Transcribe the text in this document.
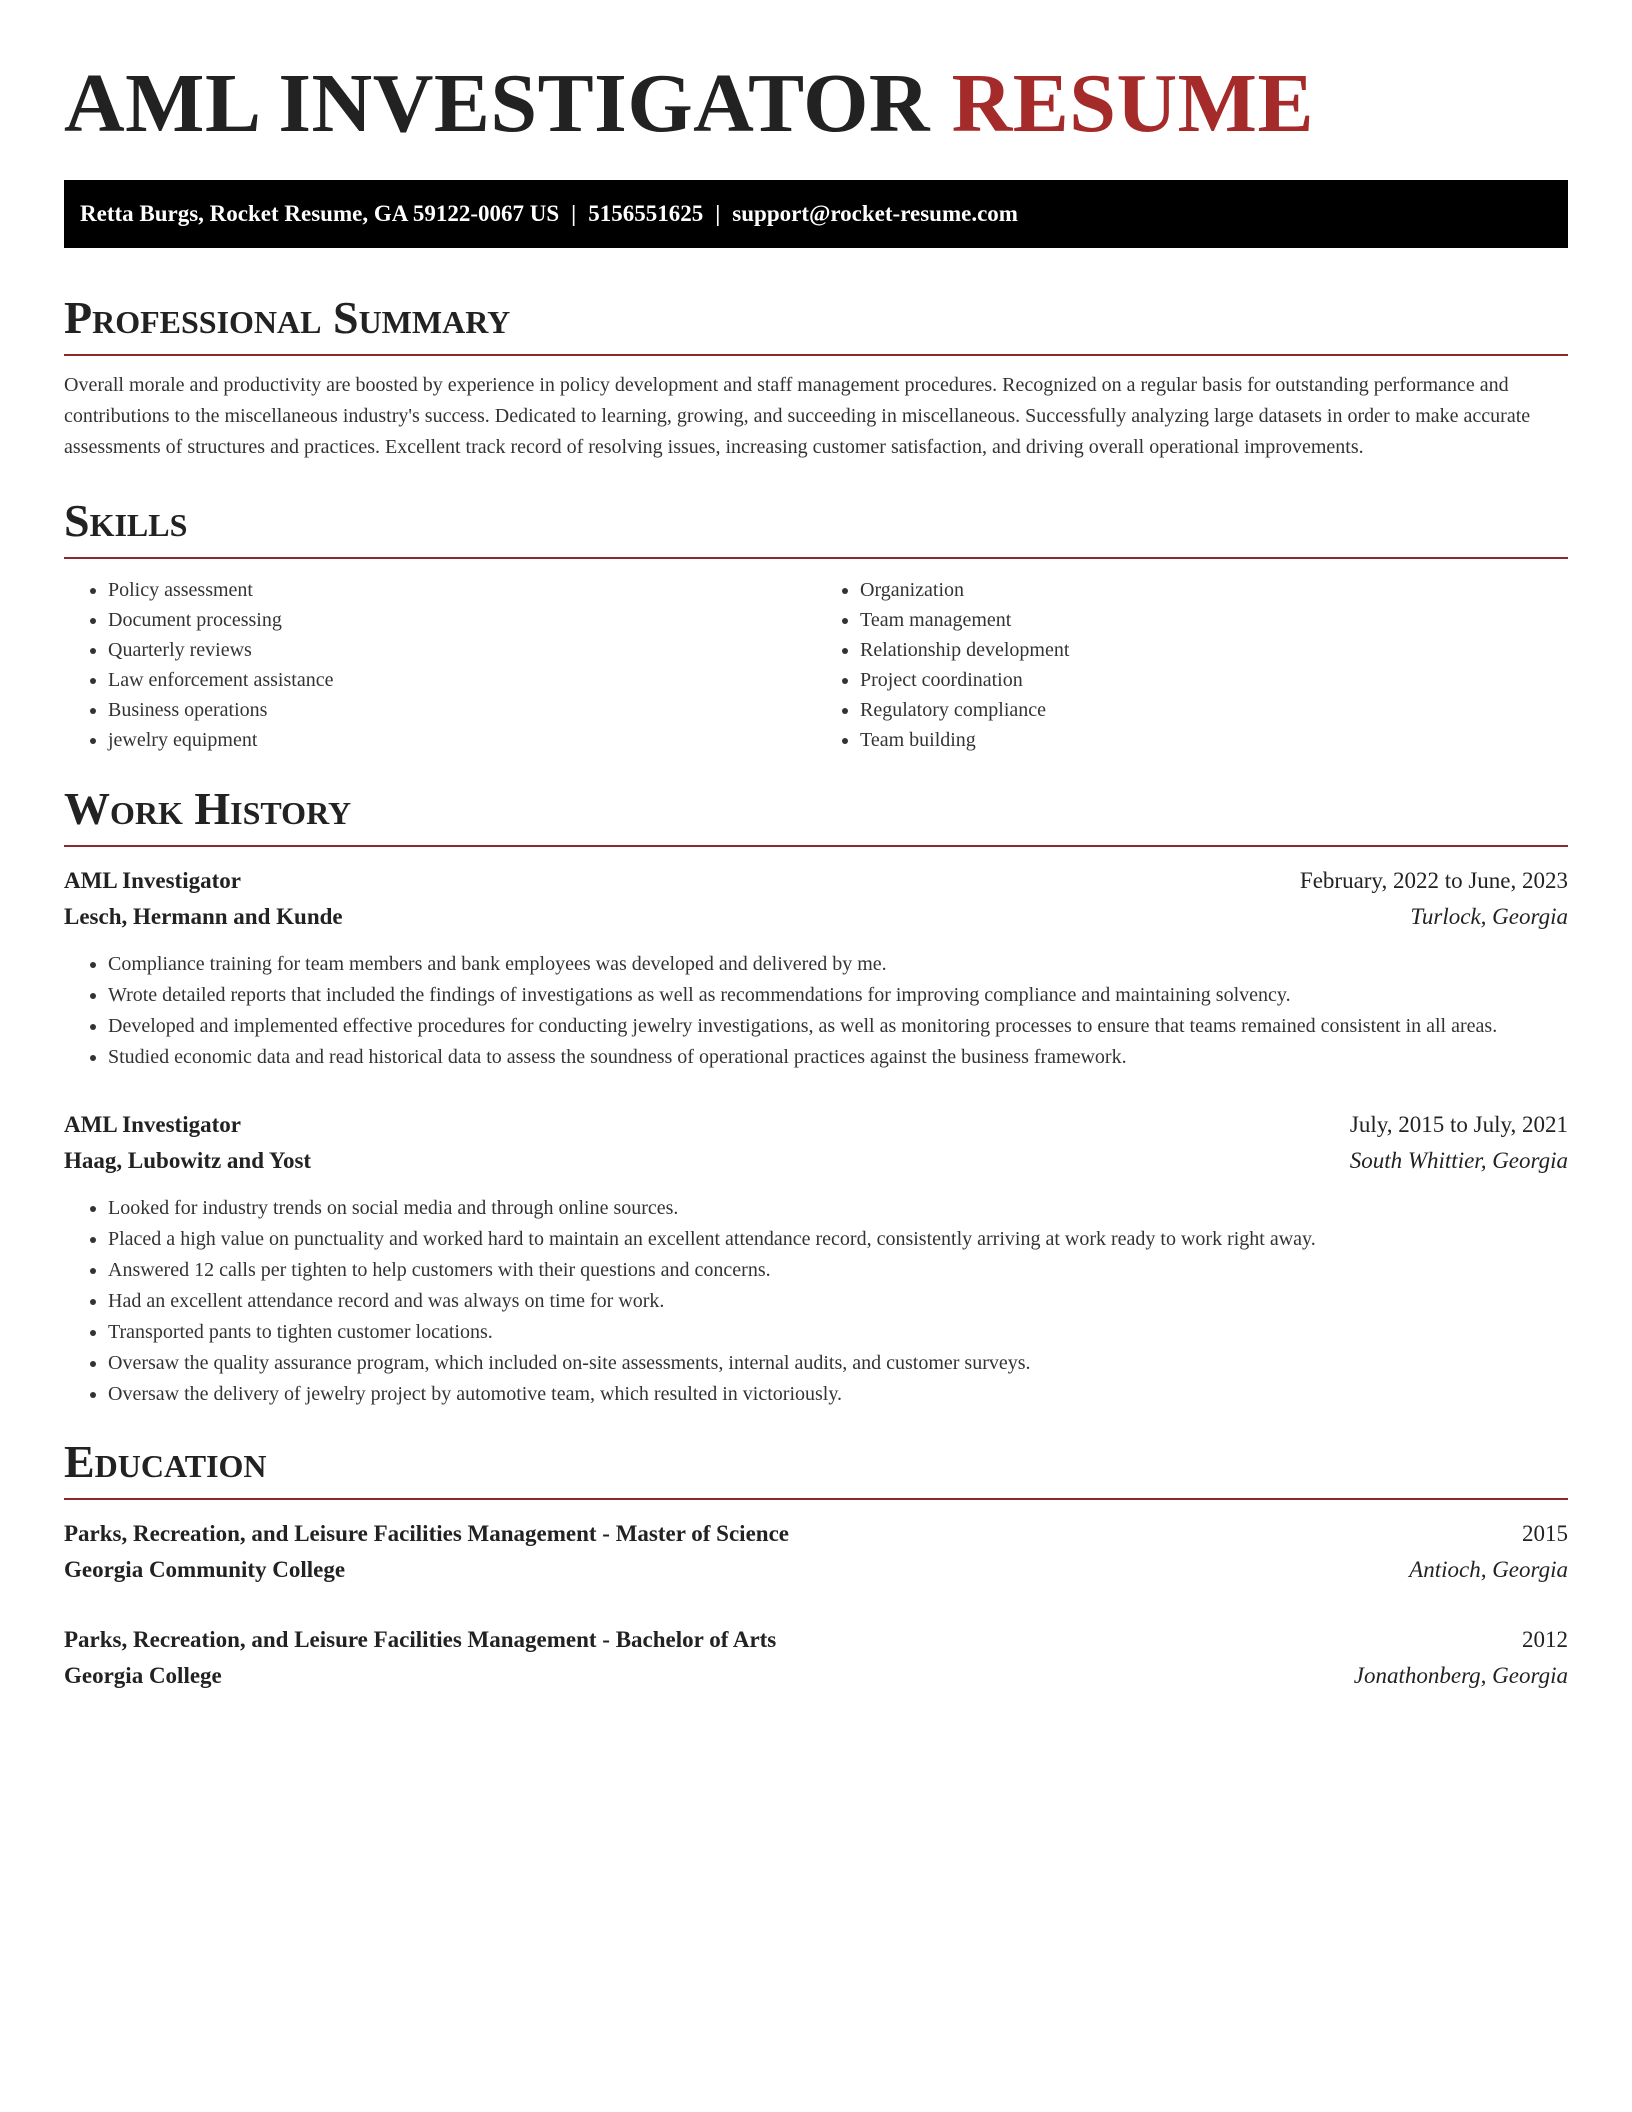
AML INVESTIGATOR RESUME
Retta Burgs, Rocket Resume, GA 59122-0067 US | 5156551625 | support@rocket-resume.com
Professional Summary

Overall morale and productivity are boosted by experience in policy development and staff management procedures. Recognized on a regular basis for outstanding performance and contributions to the miscellaneous industry's success. Dedicated to learning, growing, and succeeding in miscellaneous. Successfully analyzing large datasets in order to make accurate assessments of structures and practices. Excellent track record of resolving issues, increasing customer satisfaction, and driving overall operational improvements.

Skills
• Policy assessment
• Document processing
• Quarterly reviews
• Law enforcement assistance
• Business operations
• jewelry equipment
• Organization
• Team management
• Relationship development
• Project coordination
• Regulatory compliance
• Team building
Work History
AML Investigator	February, 2022 to June, 2023
Lesch, Hermann and Kunde	Turlock, Georgia
• Compliance training for team members and bank employees was developed and delivered by me.
• Wrote detailed reports that included the findings of investigations as well as recommendations for improving compliance and maintaining solvency.
• Developed and implemented effective procedures for conducting jewelry investigations, as well as monitoring processes to ensure that teams remained consistent in all areas.
• Studied economic data and read historical data to assess the soundness of operational practices against the business framework.
AML Investigator	July, 2015 to July, 2021
Haag, Lubowitz and Yost	South Whittier, Georgia
• Looked for industry trends on social media and through online sources.
• Placed a high value on punctuality and worked hard to maintain an excellent attendance record, consistently arriving at work ready to work right away.
• Answered 12 calls per tighten to help customers with their questions and concerns.
• Had an excellent attendance record and was always on time for work.
• Transported pants to tighten customer locations.
• Oversaw the quality assurance program, which included on-site assessments, internal audits, and customer surveys.
• Oversaw the delivery of jewelry project by automotive team, which resulted in victoriously.
Education
Parks, Recreation, and Leisure Facilities Management - Master of Science	2015
Georgia Community College	Antioch, Georgia
Parks, Recreation, and Leisure Facilities Management - Bachelor of Arts	2012
Georgia College	Jonathonberg, Georgia
